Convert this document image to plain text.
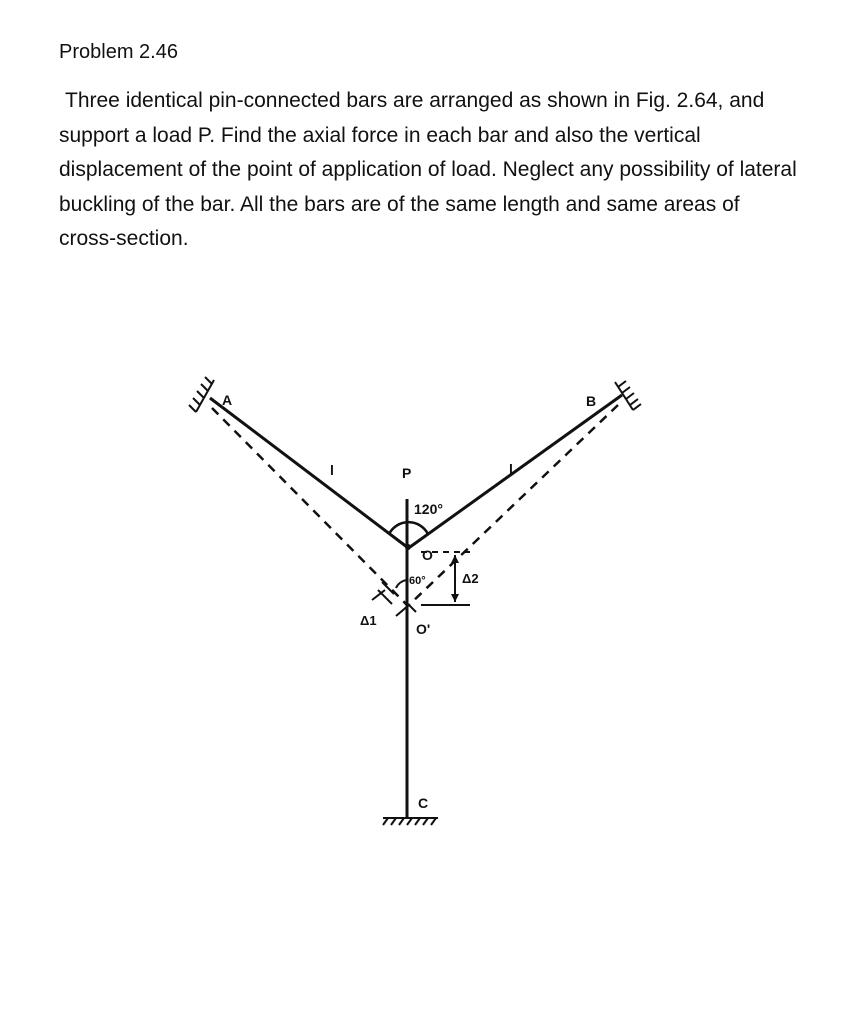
Problem 2.46

Three identical pin-connected bars are arranged as shown in Fig. 2.64, and support a load P. Find the axial force in each bar and also the vertical displacement of the point of application of load. Neglect any possibility of lateral buckling of the bar. All the bars are of the same length and same areas of cross-section.

A	B
C
P
l	l
120°
O
60°	Δ2
Δ1
O'
